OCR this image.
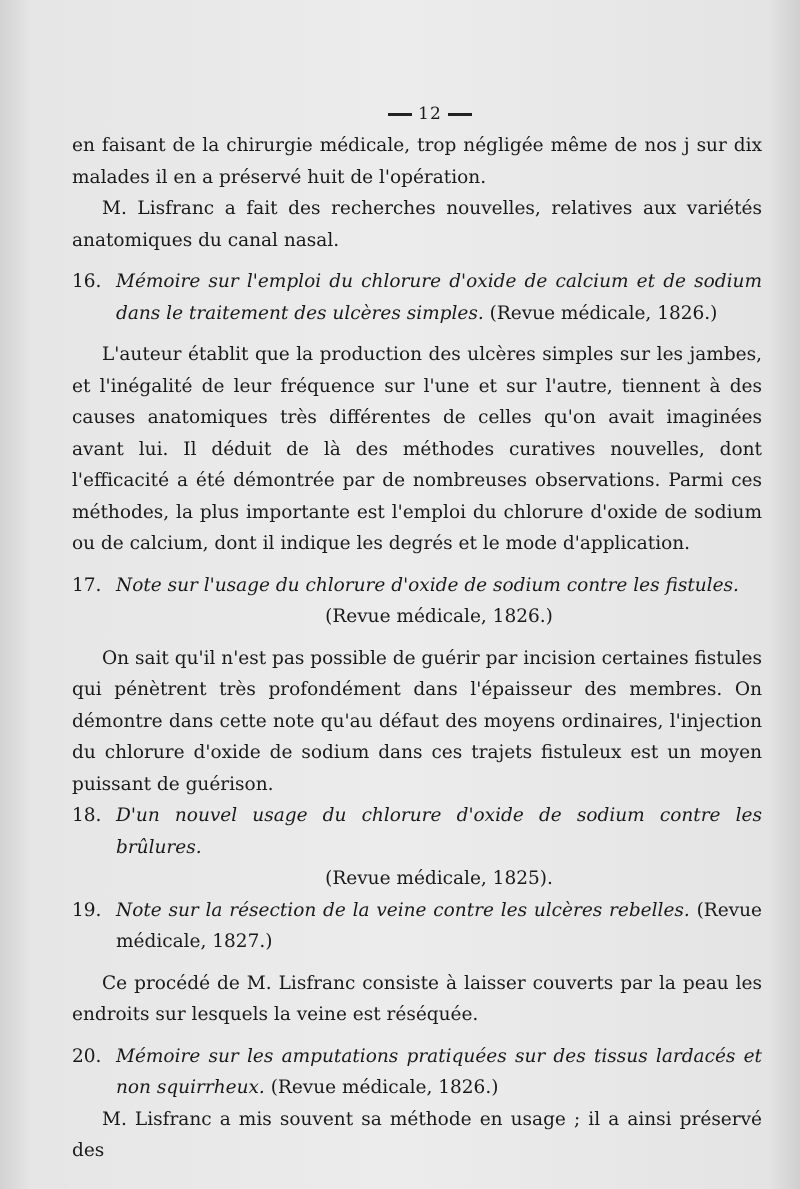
12

en faisant de la chirurgie médicale, trop négligée même de nos j sur dix malades il en a préservé huit de l'opération.

M. Lisfranc a fait des recherches nouvelles, relatives aux variétés anatomiques du canal nasal.

16. Mémoire sur l'emploi du chlorure d'oxide de calcium et de sodium dans le traitement des ulcères simples. (Revue médicale, 1826.)

L'auteur établit que la production des ulcères simples sur les jambes, et l'inégalité de leur fréquence sur l'une et sur l'autre, tiennent à des causes anatomiques très différentes de celles qu'on avait imaginées avant lui. Il déduit de là des méthodes curatives nouvelles, dont l'efficacité a été démontrée par de nombreuses observations. Parmi ces méthodes, la plus importante est l'emploi du chlorure d'oxide de sodium ou de calcium, dont il indique les degrés et le mode d'application.

17. Note sur l'usage du chlorure d'oxide de sodium contre les fistules.
(Revue médicale, 1826.)

On sait qu'il n'est pas possible de guérir par incision certaines fistules qui pénètrent très profondément dans l'épaisseur des membres. On démontre dans cette note qu'au défaut des moyens ordinaires, l'injection du chlorure d'oxide de sodium dans ces trajets fistuleux est un moyen puissant de guérison.

18. D'un nouvel usage du chlorure d'oxide de sodium contre les brûlures.
(Revue médicale, 1825).

19. Note sur la résection de la veine contre les ulcères rebelles. (Revue médicale, 1827.)

Ce procédé de M. Lisfranc consiste à laisser couverts par la peau les endroits sur lesquels la veine est réséquée.

20. Mémoire sur les amputations pratiquées sur des tissus lardacés et non squirrheux. (Revue médicale, 1826.)

M. Lisfranc a mis souvent sa méthode en usage ; il a ainsi préservé des
